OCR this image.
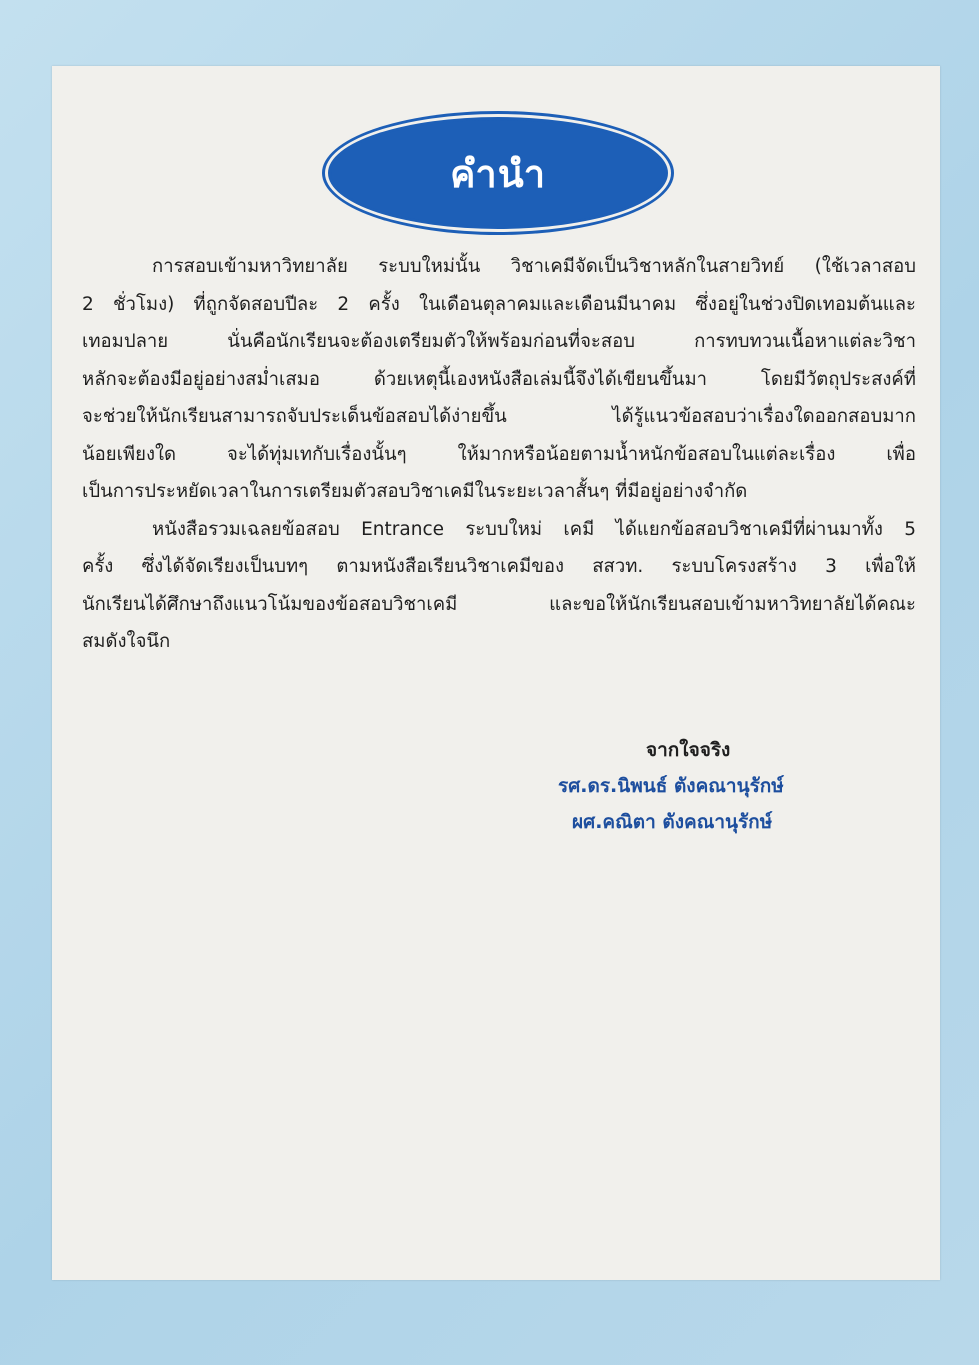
คำนำ
การสอบเข้ามหาวิทยาลัย ระบบใหม่นั้น วิชาเคมีจัดเป็นวิชาหลักในสายวิทย์ (ใช้เวลาสอบ
2 ชั่วโมง) ที่ถูกจัดสอบปีละ 2 ครั้ง ในเดือนตุลาคมและเดือนมีนาคม ซึ่งอยู่ในช่วงปิดเทอมต้นและ
เทอมปลาย นั่นคือนักเรียนจะต้องเตรียมตัวให้พร้อมก่อนที่จะสอบ การทบทวนเนื้อหาแต่ละวิชา
หลักจะต้องมีอยู่อย่างสม่ำเสมอ ด้วยเหตุนี้เองหนังสือเล่มนี้จึงได้เขียนขึ้นมา โดยมีวัตถุประสงค์ที่
จะช่วยให้นักเรียนสามารถจับประเด็นข้อสอบได้ง่ายขึ้น ได้รู้แนวข้อสอบว่าเรื่องใดออกสอบมาก
น้อยเพียงใด จะได้ทุ่มเทกับเรื่องนั้นๆ ให้มากหรือน้อยตามน้ำหนักข้อสอบในแต่ละเรื่อง เพื่อ
เป็นการประหยัดเวลาในการเตรียมตัวสอบวิชาเคมีในระยะเวลาสั้นๆ ที่มีอยู่อย่างจำกัด
หนังสือรวมเฉลยข้อสอบ Entrance ระบบใหม่ เคมี ได้แยกข้อสอบวิชาเคมีที่ผ่านมาทั้ง 5
ครั้ง ซึ่งได้จัดเรียงเป็นบทๆ ตามหนังสือเรียนวิชาเคมีของ สสวท. ระบบโครงสร้าง 3 เพื่อให้
นักเรียนได้ศึกษาถึงแนวโน้มของข้อสอบวิชาเคมี และขอให้นักเรียนสอบเข้ามหาวิทยาลัยได้คณะ
สมดังใจนึก
จากใจจริง
รศ.ดร.นิพนธ์ ตังคณานุรักษ์
ผศ.คณิตา ตังคณานุรักษ์
